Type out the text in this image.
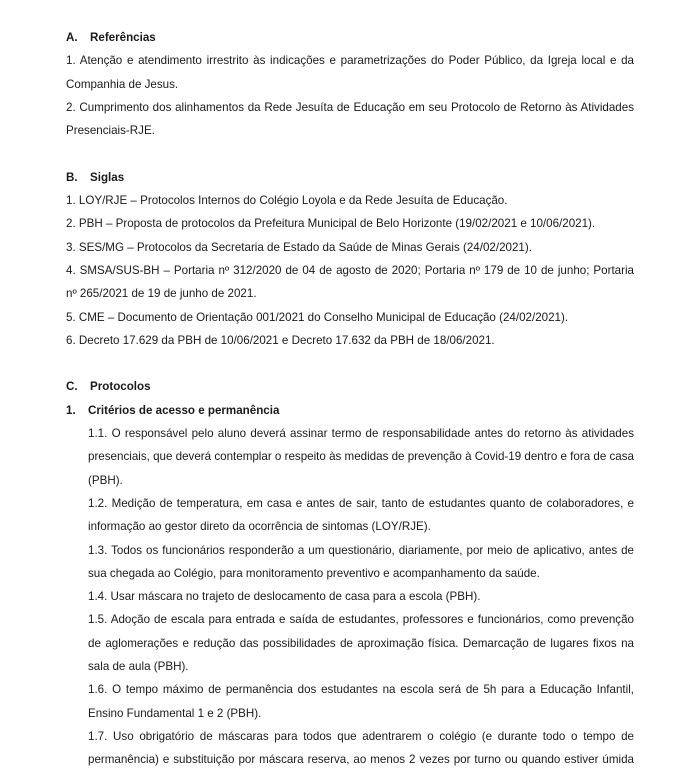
A. Referências
1. Atenção e atendimento irrestrito às indicações e parametrizações do Poder Público, da Igreja local e da
Companhia de Jesus.
2. Cumprimento dos alinhamentos da Rede Jesuíta de Educação em seu Protocolo de Retorno às Atividades
Presenciais-RJE.
B. Siglas
1. LOY/RJE – Protocolos Internos do Colégio Loyola e da Rede Jesuíta de Educação.
2. PBH – Proposta de protocolos da Prefeitura Municipal de Belo Horizonte (19/02/2021 e 10/06/2021).
3. SES/MG – Protocolos da Secretaria de Estado da Saúde de Minas Gerais (24/02/2021).
4. SMSA/SUS-BH – Portaria nº 312/2020 de 04 de agosto de 2020; Portaria nº 179 de 10 de junho; Portaria
nº 265/2021 de 19 de junho de 2021.
5. CME – Documento de Orientação 001/2021 do Conselho Municipal de Educação (24/02/2021).
6. Decreto 17.629 da PBH de 10/06/2021 e Decreto 17.632 da PBH de 18/06/2021.
C. Protocolos
1. Critérios de acesso e permanência
1.1. O responsável pelo aluno deverá assinar termo de responsabilidade antes do retorno às atividades
presenciais, que deverá contemplar o respeito às medidas de prevenção à Covid-19 dentro e fora de casa
(PBH).
1.2. Medição de temperatura, em casa e antes de sair, tanto de estudantes quanto de colaboradores, e
informação ao gestor direto da ocorrência de sintomas (LOY/RJE).
1.3. Todos os funcionários responderão a um questionário, diariamente, por meio de aplicativo, antes de
sua chegada ao Colégio, para monitoramento preventivo e acompanhamento da saúde.
1.4. Usar máscara no trajeto de deslocamento de casa para a escola (PBH).
1.5. Adoção de escala para entrada e saída de estudantes, professores e funcionários, como prevenção
de aglomerações e redução das possibilidades de aproximação física. Demarcação de lugares fixos na
sala de aula (PBH).
1.6. O tempo máximo de permanência dos estudantes na escola será de 5h para a Educação Infantil,
Ensino Fundamental 1 e 2 (PBH).
1.7. Uso obrigatório de máscaras para todos que adentrarem o colégio (e durante todo o tempo de
permanência) e substituição por máscara reserva, ao menos 2 vezes por turno ou quando estiver úmida
